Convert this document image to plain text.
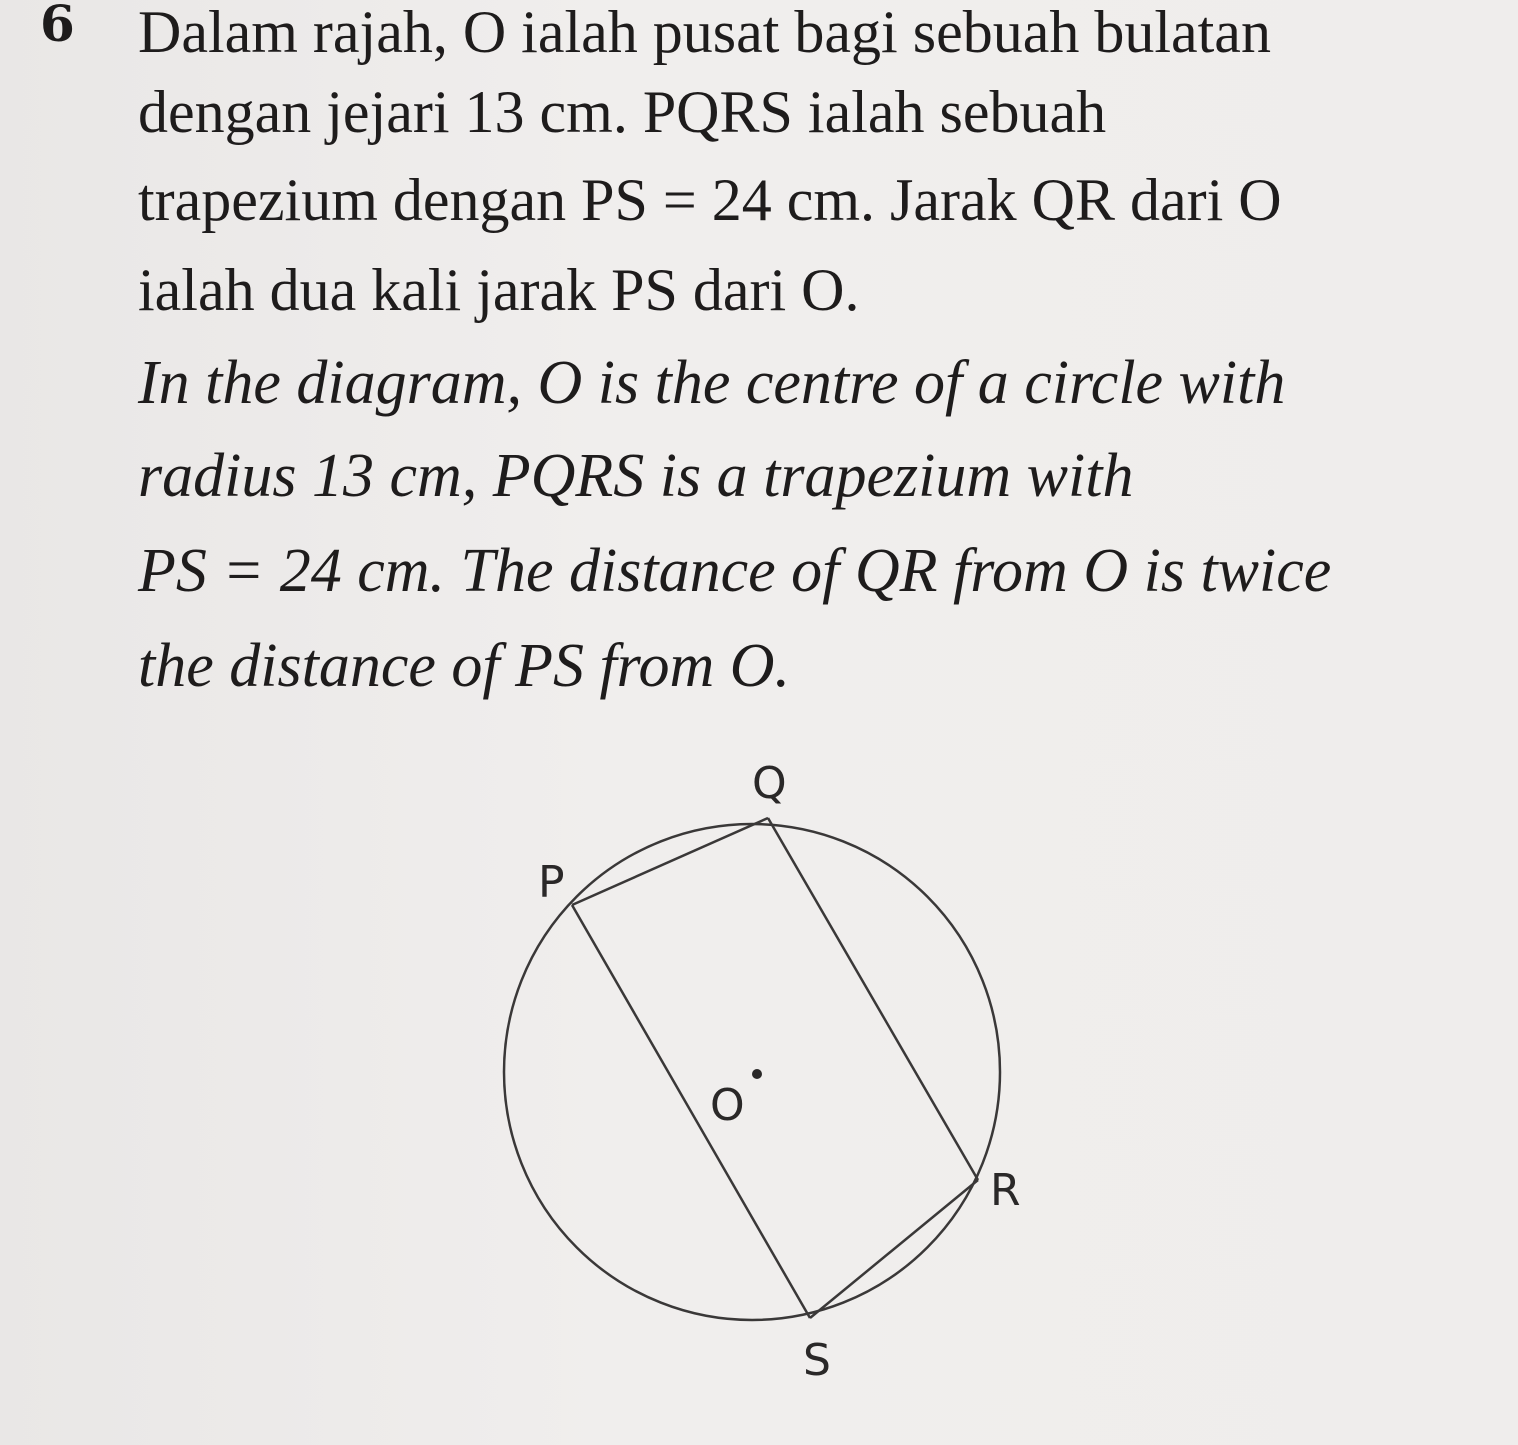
6 Dalam rajah, O ialah pusat bagi sebuah bulatan
dengan jejari 13 cm. PQRS ialah sebuah
trapezium dengan PS = 24 cm. Jarak QR dari O
ialah dua kali jarak PS dari O.
In the diagram, O is the centre of a circle with
radius 13 cm, PQRS is a trapezium with
PS = 24 cm. The distance of QR from O is twice
the distance of PS from O.
Q
P
O
R
S
